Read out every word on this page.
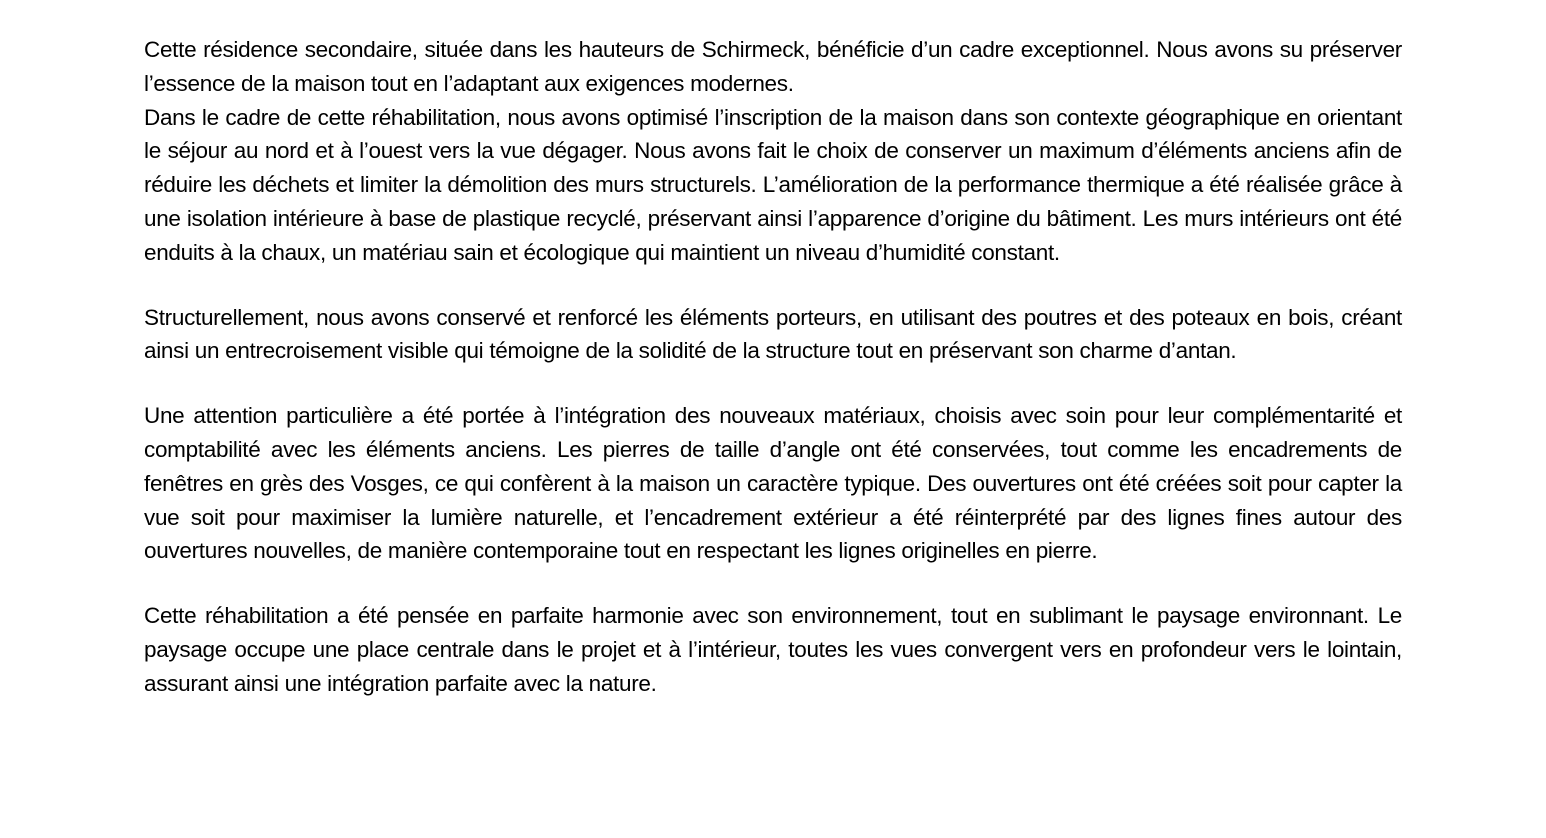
Cette résidence secondaire, située dans les hauteurs de Schirmeck, bénéficie d’un cadre exceptionnel. Nous avons su préserver l’essence de la maison tout en l’adaptant aux exigences modernes.

Dans le cadre de cette réhabilitation, nous avons optimisé l’inscription de la maison dans son contexte géographique en orientant le séjour au nord et à l’ouest vers la vue dégager. Nous avons fait le choix de conserver un maximum d’éléments anciens afin de réduire les déchets et limiter la démolition des murs structurels. L’amélioration de la performance thermique a été réalisée grâce à une isolation intérieure à base de plastique recyclé, préservant ainsi l’apparence d’origine du bâtiment. Les murs intérieurs ont été enduits à la chaux, un matériau sain et écologique qui maintient un niveau d’humidité constant.

Structurellement, nous avons conservé et renforcé les éléments porteurs, en utilisant des poutres et des poteaux en bois, créant ainsi un entrecroisement visible qui témoigne de la solidité de la structure tout en préservant son charme d’antan.

Une attention particulière a été portée à l’intégration des nouveaux matériaux, choisis avec soin pour leur complémentarité et comptabilité avec les éléments anciens. Les pierres de taille d’angle ont été conservées, tout comme les encadrements de fenêtres en grès des Vosges, ce qui confèrent à la maison un caractère typique. Des ouvertures ont été créées soit pour capter la vue soit pour maximiser la lumière naturelle, et l’encadrement extérieur a été réinterprété par des lignes fines autour des ouvertures nouvelles, de manière contemporaine tout en respectant les lignes originelles en pierre.

Cette réhabilitation a été pensée en parfaite harmonie avec son environnement, tout en sublimant le paysage environnant. Le paysage occupe une place centrale dans le projet et à l’intérieur, toutes les vues convergent vers en profondeur vers le lointain, assurant ainsi une intégration parfaite avec la nature.
